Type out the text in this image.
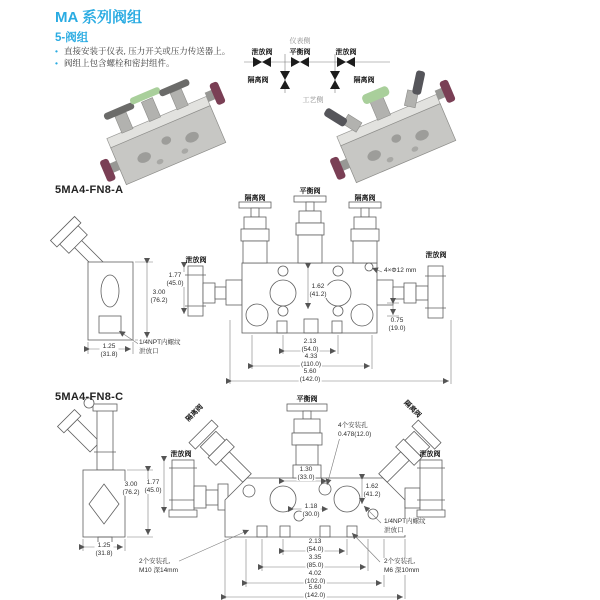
MA 系列阀组
5-阀组
• 直接安装于仪表, 压力开关或压力传送器上。
• 阀组上包含螺栓和密封组件。
仪表侧
泄放阀 平衡阀	泄放阀
隔离阀	隔离阀
工艺侧
5MA4-FN8-A
隔离阀
平衡阀
隔离阀
泄放阀
泄放阀
3.00
(76.2)
1.77
(45.0)
1.25
(31.8)
1.62
(41.2)
0.75
(19.0)
2.13
(54.0)
4.33
(110.0)
5.60
(142.0)
4×Φ12 mm
1/4NPT内螺纹
泄放口
5MA4-FN8-C	平衡阀
隔离阀	隔离阀
泄放阀	泄放阀
4个安装孔
0.478(12.0)
3.00
(76.2)
1.77
(45.0)
1.25
(31.8)
1.30
(33.0)
1.62
(41.2)
1.18
(30.0)
2.13
(54.0)
3.35
(85.0)
4.02
(102.0)
5.60
(142.0)
2个安装孔,
M10 深14mm
1/4NPT内螺纹
泄放口
2个安装孔,
M6 深10mm
